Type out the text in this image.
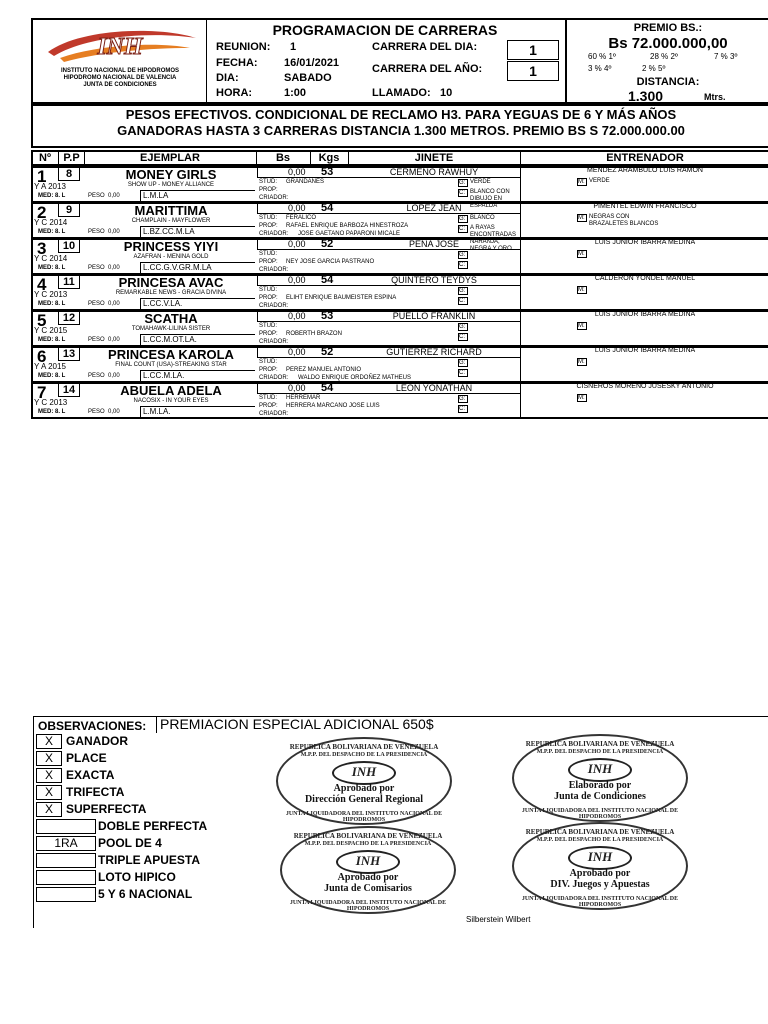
INH
INSTITUTO NACIONAL DE HIPODROMOS
HIPODROMO NACIONAL DE VALENCIA
JUNTA DE CONDICIONES
PROGRAMACION DE CARRERAS
REUNION: 1
FECHA: 16/01/2021
DIA:	SABADO
HORA:	1:00
CARRERA DEL DIA:	1
CARRERA DEL AÑO:	1
LLAMADO: 10
PREMIO BS.:
Bs 72.000.000,00
60 % 1º	28 % 2º	7 % 3º
3 % 4º	2 % 5º
DISTANCIA:
1.300	Mtrs.
PESOS EFECTIVOS. CONDICIONAL DE RECLAMO H3. PARA YEGUAS DE 6 Y MÁS AÑOS
GANADORAS HASTA 3 CARRERAS DISTANCIA 1.300 METROS. PREMIO BS S 72.000.000.00
Nº	P.P	EJEMPLAR	Bs	Kgs	JINETE	ENTRENADOR
1	8
Y A 2013
MED: 8. L	PESO 0,00	L.M.LA
MONEY GIRLS
SHOW UP - MONEY ALLIANCE
0,00 53
STUD: GRANDANES
PROP:
CRIADOR:
CERMEÑO RAWHUY
G: VERDE
C: BLANCO CON DIBUJO EN ESPALDA
MENDEZ ARAMBULO LUIS RAMON
M: VERDE
2	9
Y C 2014
MED: 8. L	PESO 0,00	L.BZ.CC.M.LA
MARITTIMA
CHAMPLAIN - MAYFLOWER
0,00 54
STUD: FERALICO
PROP: RAFAEL ENRIQUE BARBOZA HINESTROZA
CRIADOR: JOSE GAETANO PAPARONI MICALE
LOPEZ JEAN
G: BLANCO
C: A RAYAS ENCONTRADAS NARANJA, NEGRA Y ORO
PIMENTEL EDWIN FRANCISCO
M: NEGRAS CON BRAZALETES BLANCOS
3	10
Y C 2014
MED: 8. L	PESO 0,00	L.CC.G.V.GR.M.LA
PRINCESS YIYI
AZAFRAN - MENINA GOLD
0,00 52
STUD:
PROP: NEY JOSE GARCIA PASTRANO
CRIADOR:
PEÑA JOSE
G:
C:
LUIS JUNIOR IBARRA MEDINA
M:
4	11
Y C 2013
MED: 8. L	PESO 0,00	L.CC.V.LA.
PRINCESA AVAC
REMARKABLE NEWS - GRACIA DIVINA
0,00 54
STUD:
PROP: ELIHT ENRIQUE BAUMEISTER ESPINA
CRIADOR:
QUINTERO TEYDYS
G:
C:
CALDERON YONDEL MANUEL
M:
5	12
Y C 2015
MED: 8. L	PESO 0,00	L.CC.M.OT.LA.
SCATHA
TOMAHAWK-LILINA SISTER
0,00 53
STUD:
PROP: ROBERTH BRAZON
CRIADOR:
PUELLO FRANKLIN
G:
C:
LUIS JUNIOR IBARRA MEDINA
M:
6	13
Y A 2015
MED: 8. L	PESO 0,00	L.CC.M.LA.
PRINCESA KAROLA
FINAL COUNT (USA)-STREAKING STAR
0,00 52
STUD:
PROP: PEREZ MANUEL ANTONIO
CRIADOR: WALDO ENRIQUE ORDOÑEZ MATHEUS
GUTIERREZ RICHARD
G:
C:
LUIS JUNIOR IBARRA MEDINA
M:
7	14
Y C 2013
MED: 8. L	PESO 0,00	L.M.LA.
ABUELA ADELA
NACOSIX - IN YOUR EYES
0,00 54
STUD: HERREMAR
PROP: HERRERA MARCANO JOSE LUIS
CRIADOR:
LEON YONATHAN
G:
C:
CISNEROS MORENO JUSESKY ANTONIO
M:
OBSERVACIONES: PREMIACION ESPECIAL ADICIONAL 650$
X	GANADOR
X	PLACE
X	EXACTA
X	TRIFECTA
X	SUPERFECTA
DOBLE PERFECTA
1RA	POOL DE 4
TRIPLE APUESTA
LOTO HIPICO
5 Y 6 NACIONAL
REPUBLICA BOLIVARIANA DE VENEZUELA
M.P.P. DEL DESPACHO DE LA PRESIDENCIA
INH
Aprobado por
Dirección General Regional
JUNTA LIQUIDADORA DEL INSTITUTO NACIONAL DE HIPODROMOS
REPUBLICA BOLIVARIANA DE VENEZUELA
M.P.P. DEL DESPACHO DE LA PRESIDENCIA
INH
Elaborado por
Junta de Condiciones
JUNTA LIQUIDADORA DEL INSTITUTO NACIONAL DE HIPODROMOS
REPUBLICA BOLIVARIANA DE VENEZUELA
M.P.P. DEL DESPACHO DE LA PRESIDENCIA
INH
Aprobado por
Junta de Comisarios
JUNTA LIQUIDADORA DEL INSTITUTO NACIONAL DE HIPODROMOS
REPUBLICA BOLIVARIANA DE VENEZUELA
M.P.P. DEL DESPACHO DE LA PRESIDENCIA
INH
Aprobado por
DIV. Juegos y Apuestas
JUNTA LIQUIDADORA DEL INSTITUTO NACIONAL DE HIPODROMOS
Silberstein Wilbert
